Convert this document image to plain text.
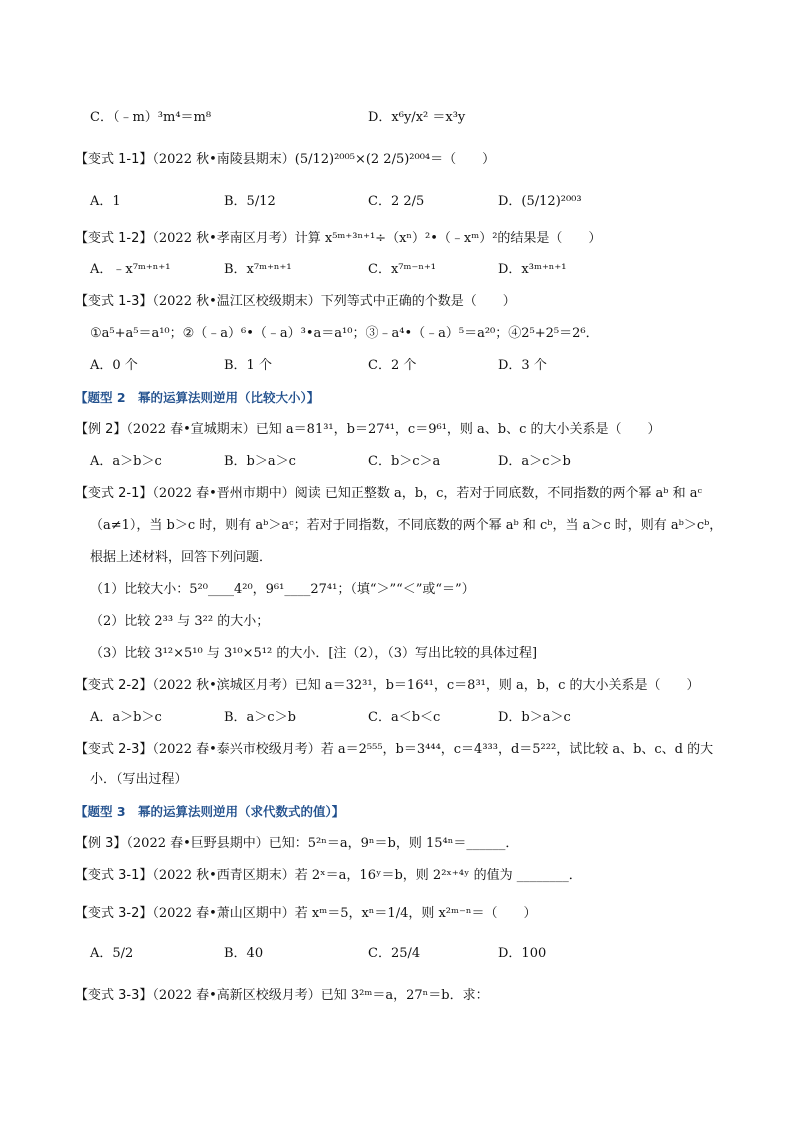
C．（﹣m）³m⁴＝m⁸	D．x⁶y/x² ＝x³y
【变式 1-1】（2022 秋•南陵县期末）(5/12)²⁰⁰⁵×(2 2/5)²⁰⁰⁴＝（　　）
A．1	B．5/12	C．2 2/5	D．(5/12)²⁰⁰³
【变式 1-2】（2022 秋•孝南区月考）计算 x⁵ᵐ⁺³ⁿ⁺¹÷（xⁿ）²•（﹣xᵐ）²的结果是（　　）
A．﹣x⁷ᵐ⁺ⁿ⁺¹	B．x⁷ᵐ⁺ⁿ⁺¹	C．x⁷ᵐ⁻ⁿ⁺¹	D．x³ᵐ⁺ⁿ⁺¹
【变式 1-3】（2022 秋•温江区校级期末）下列等式中正确的个数是（　　）
①a⁵+a⁵＝a¹⁰；②（﹣a）⁶•（﹣a）³•a＝a¹⁰；③﹣a⁴•（﹣a）⁵＝a²⁰；④2⁵+2⁵＝2⁶．
A．0 个	B．1 个	C．2 个	D．3 个
【题型 2　幂的运算法则逆用（比较大小）】
【例 2】（2022 春•宣城期末）已知 a＝81³¹，b＝27⁴¹，c＝9⁶¹，则 a、b、c 的大小关系是（　　）
A．a＞b＞c	B．b＞a＞c	C．b＞c＞a	D．a＞c＞b
【变式 2-1】（2022 春•晋州市期中）阅读 已知正整数 a，b，c，若对于同底数，不同指数的两个幂 aᵇ 和 aᶜ
（a≠1），当 b＞c 时，则有 aᵇ＞aᶜ；若对于同指数，不同底数的两个幂 aᵇ 和 cᵇ，当 a＞c 时，则有 aᵇ＞cᵇ，
根据上述材料，回答下列问题．
（1）比较大小：5²⁰____4²⁰，9⁶¹____27⁴¹；（填“＞”“＜”或“＝”）
（2）比较 2³³ 与 3²² 的大小；
（3）比较 3¹²×5¹⁰ 与 3¹⁰×5¹² 的大小．[注（2），（3）写出比较的具体过程]
【变式 2-2】（2022 秋•滨城区月考）已知 a＝32³¹，b＝16⁴¹，c＝8³¹，则 a，b，c 的大小关系是（　　）
A．a＞b＞c	B．a＞c＞b	C．a＜b＜c	D．b＞a＞c
【变式 2-3】（2022 春•泰兴市校级月考）若 a＝2⁵⁵⁵，b＝3⁴⁴⁴，c＝4³³³，d＝5²²²，试比较 a、b、c、d 的大
小．（写出过程）
【题型 3　幂的运算法则逆用（求代数式的值）】
【例 3】（2022 春•巨野县期中）已知：5²ⁿ＝a，9ⁿ＝b，则 15⁴ⁿ＝______．
【变式 3-1】（2022 秋•西青区期末）若 2ˣ＝a，16ʸ＝b，则 2²ˣ⁺⁴ʸ 的值为 ________．
【变式 3-2】（2022 春•萧山区期中）若 xᵐ＝5，xⁿ＝1/4，则 x²ᵐ⁻ⁿ＝（　　）
A．5/2	B．40	C．25/4	D．100
【变式 3-3】（2022 春•高新区校级月考）已知 3²ᵐ＝a，27ⁿ＝b．求：
